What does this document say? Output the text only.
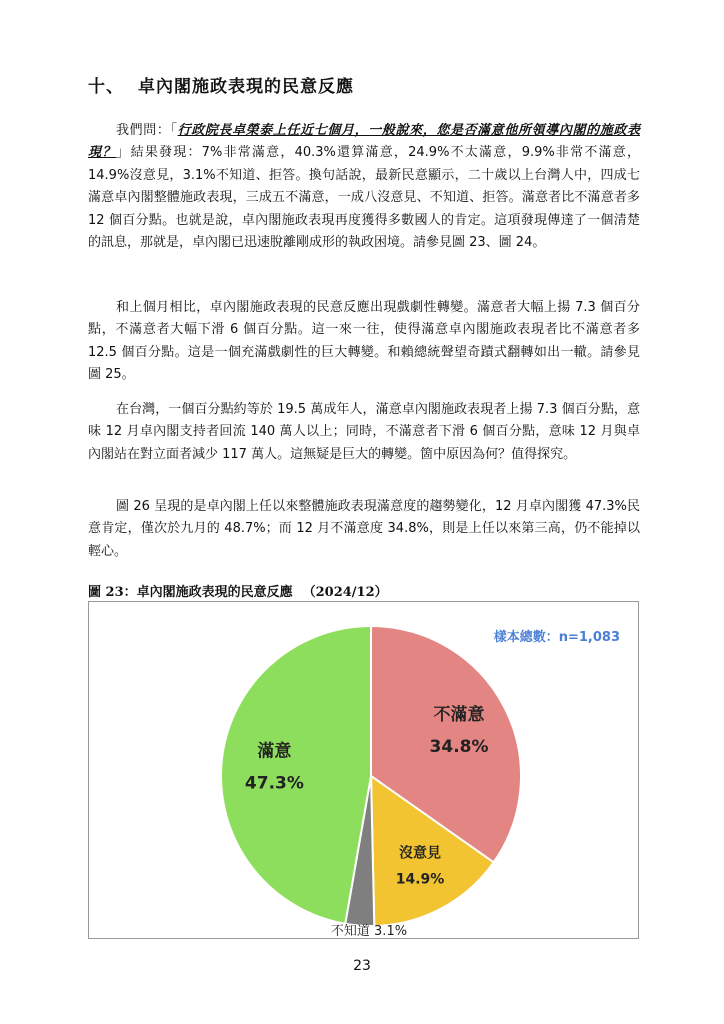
十、 卓內閣施政表現的民意反應
我們問：「行政院長卓榮泰上任近七個月，一般說來，您是否滿意他所領導內閣的施政表現？」結果發現：7%非常滿意，40.3%還算滿意，24.9%不太滿意，9.9%非常不滿意，14.9%沒意見，3.1%不知道、拒答。換句話說，最新民意顯示，二十歲以上台灣人中，四成七滿意卓內閣整體施政表現，三成五不滿意，一成八沒意見、不知道、拒答。滿意者比不滿意者多 12 個百分點。也就是說，卓內閣施政表現再度獲得多數國人的肯定。這項發現傳達了一個清楚的訊息，那就是，卓內閣已迅速脫離剛成形的執政困境。請參見圖 23、圖 24。
和上個月相比，卓內閣施政表現的民意反應出現戲劇性轉變。滿意者大幅上揚 7.3 個百分點，不滿意者大幅下滑 6 個百分點。這一來一往，使得滿意卓內閣施政表現者比不滿意者多 12.5 個百分點。這是一個充滿戲劇性的巨大轉變。和賴總統聲望奇蹟式翻轉如出一轍。請參見圖 25。
在台灣，一個百分點約等於 19.5 萬成年人，滿意卓內閣施政表現者上揚 7.3 個百分點，意味 12 月卓內閣支持者回流 140 萬人以上；同時，不滿意者下滑 6 個百分點，意味 12 月與卓內閣站在對立面者減少 117 萬人。這無疑是巨大的轉變。箇中原因為何？值得探究。
圖 26 呈現的是卓內閣上任以來整體施政表現滿意度的趨勢變化，12 月卓內閣獲 47.3%民意肯定，僅次於九月的 48.7%；而 12 月不滿意度 34.8%，則是上任以來第三高，仍不能掉以輕心。
圖 23：卓內閣施政表現的民意反應 （2024/12）
樣本總數：n=1,083
不滿意
34.8%
沒意見
14.9%
不知道 3.1%
滿意
47.3%
23
